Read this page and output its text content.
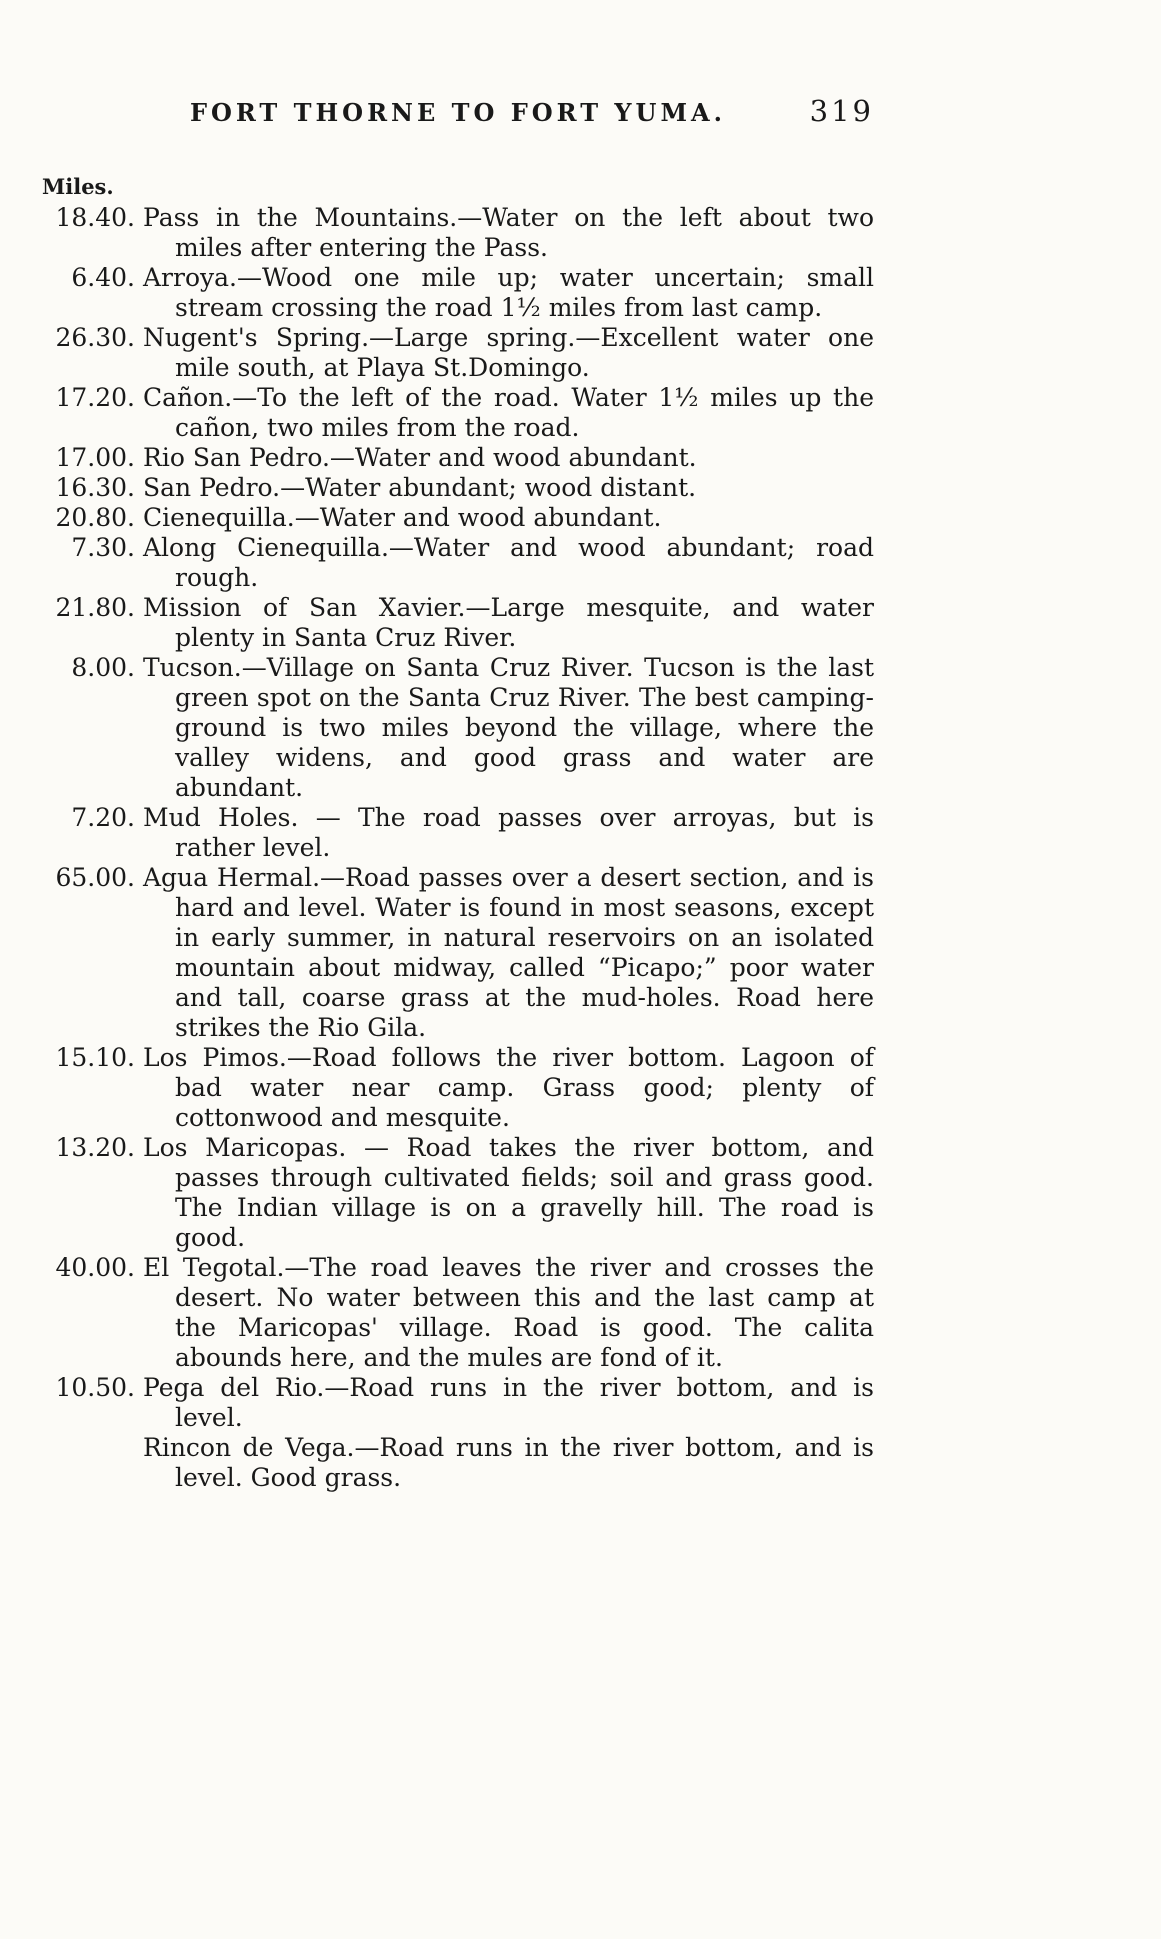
FORT THORNE TO FORT YUMA.	319
Miles.
18.40. Pass in the Mountains.—Water on the left about two miles after entering the Pass.
6.40. Arroya.—Wood one mile up; water uncertain; small stream crossing the road 1½ miles from last camp.
26.30. Nugent's Spring.—Large spring.—Excellent water one mile south, at Playa St.Domingo.
17.20. Cañon.—To the left of the road. Water 1½ miles up the cañon, two miles from the road.
17.00. Rio San Pedro.—Water and wood abundant.
16.30. San Pedro.—Water abundant; wood distant.
20.80. Cienequilla.—Water and wood abundant.
7.30. Along Cienequilla.—Water and wood abundant; road rough.
21.80. Mission of San Xavier.—Large mesquite, and water plenty in Santa Cruz River.
8.00. Tucson.—Village on Santa Cruz River. Tucson is the last green spot on the Santa Cruz River. The best camping-ground is two miles beyond the village, where the valley widens, and good grass and water are abundant.
7.20. Mud Holes. — The road passes over arroyas, but is rather level.
65.00. Agua Hermal.—Road passes over a desert section, and is hard and level. Water is found in most seasons, except in early summer, in natural reservoirs on an isolated mountain about midway, called “Picapo;” poor water and tall, coarse grass at the mud-holes. Road here strikes the Rio Gila.
15.10. Los Pimos.—Road follows the river bottom. Lagoon of bad water near camp. Grass good; plenty of cottonwood and mesquite.
13.20. Los Maricopas. — Road takes the river bottom, and passes through cultivated fields; soil and grass good. The Indian village is on a gravelly hill. The road is good.
40.00. El Tegotal.—The road leaves the river and crosses the desert. No water between this and the last camp at the Maricopas' village. Road is good. The calita abounds here, and the mules are fond of it.
10.50. Pega del Rio.—Road runs in the river bottom, and is level.
Rincon de Vega.—Road runs in the river bottom, and is level. Good grass.
